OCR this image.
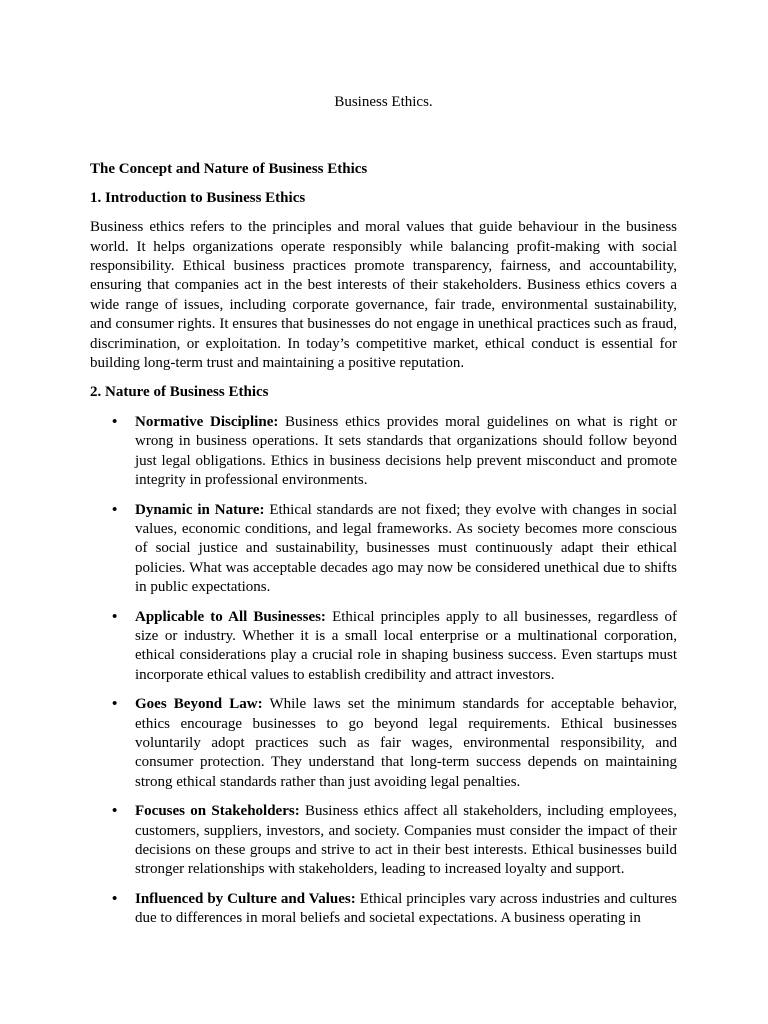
Business Ethics.
The Concept and Nature of Business Ethics
1. Introduction to Business Ethics

Business ethics refers to the principles and moral values that guide behaviour in the business world. It helps organizations operate responsibly while balancing profit-making with social responsibility. Ethical business practices promote transparency, fairness, and accountability, ensuring that companies act in the best interests of their stakeholders. Business ethics covers a wide range of issues, including corporate governance, fair trade, environmental sustainability, and consumer rights. It ensures that businesses do not engage in unethical practices such as fraud, discrimination, or exploitation. In today’s competitive market, ethical conduct is essential for building long-term trust and maintaining a positive reputation.

2. Nature of Business Ethics
• Normative Discipline: Business ethics provides moral guidelines on what is right or wrong in business operations. It sets standards that organizations should follow beyond just legal obligations. Ethics in business decisions help prevent misconduct and promote integrity in professional environments.
• Dynamic in Nature: Ethical standards are not fixed; they evolve with changes in social values, economic conditions, and legal frameworks. As society becomes more conscious of social justice and sustainability, businesses must continuously adapt their ethical policies. What was acceptable decades ago may now be considered unethical due to shifts in public expectations.
• Applicable to All Businesses: Ethical principles apply to all businesses, regardless of size or industry. Whether it is a small local enterprise or a multinational corporation, ethical considerations play a crucial role in shaping business success. Even startups must incorporate ethical values to establish credibility and attract investors.
• Goes Beyond Law: While laws set the minimum standards for acceptable behavior, ethics encourage businesses to go beyond legal requirements. Ethical businesses voluntarily adopt practices such as fair wages, environmental responsibility, and consumer protection. They understand that long-term success depends on maintaining strong ethical standards rather than just avoiding legal penalties.
• Focuses on Stakeholders: Business ethics affect all stakeholders, including employees, customers, suppliers, investors, and society. Companies must consider the impact of their decisions on these groups and strive to act in their best interests. Ethical businesses build stronger relationships with stakeholders, leading to increased loyalty and support.
• Influenced by Culture and Values: Ethical principles vary across industries and cultures due to differences in moral beliefs and societal expectations. A business operating in
